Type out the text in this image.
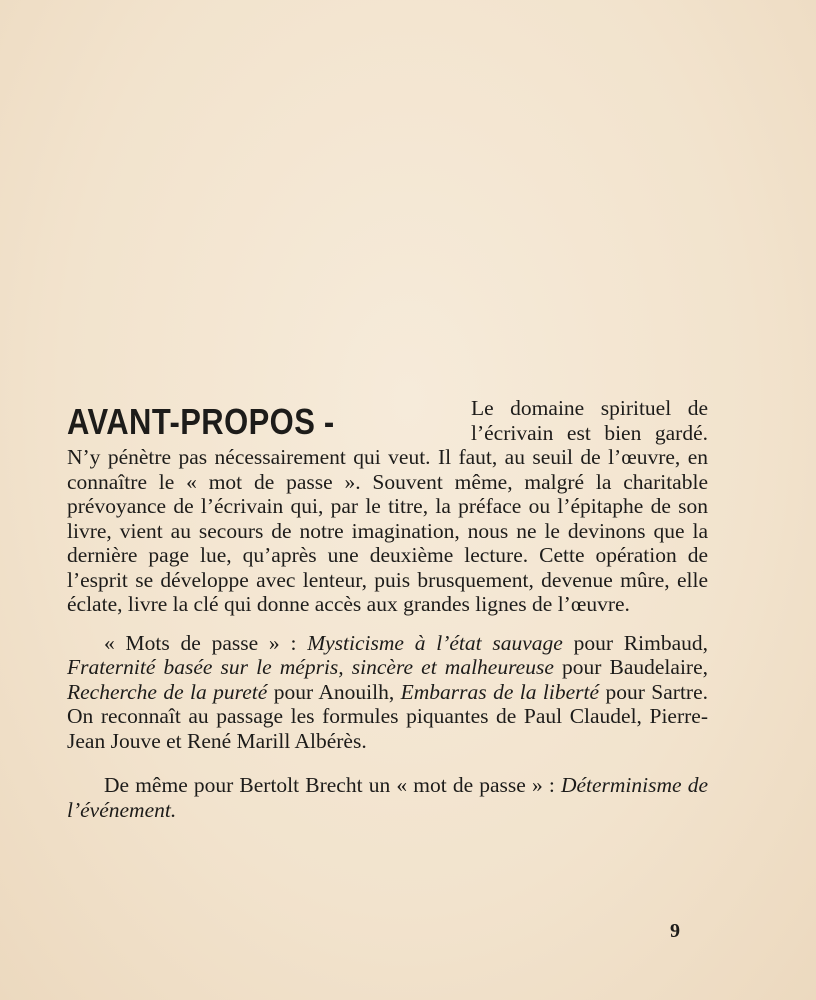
AVANT-PROPOS -	Le domaine spirituel de l’écrivain est bien gardé. N’y pénètre pas nécessairement qui veut. Il faut, au seuil de l’œuvre, en connaître le « mot de passe ». Souvent même, malgré la charitable prévoyance de l’écrivain qui, par le titre, la préface ou l’épitaphe de son livre, vient au secours de notre imagination, nous ne le devinons que la dernière page lue, qu’après une deuxième lecture. Cette opération de l’esprit se développe avec lenteur, puis brusquement, devenue mûre, elle éclate, livre la clé qui donne accès aux grandes lignes de l’œuvre.

« Mots de passe » : Mysticisme à l’état sauvage pour Rimbaud, Fraternité basée sur le mépris, sincère et malheureuse pour Baudelaire, Recherche de la pureté pour Anouilh, Embarras de la liberté pour Sartre. On reconnaît au passage les formules piquantes de Paul Claudel, Pierre-Jean Jouve et René Marill Albérès.

De même pour Bertolt Brecht un « mot de passe » : Déterminisme de l’événement.

9
